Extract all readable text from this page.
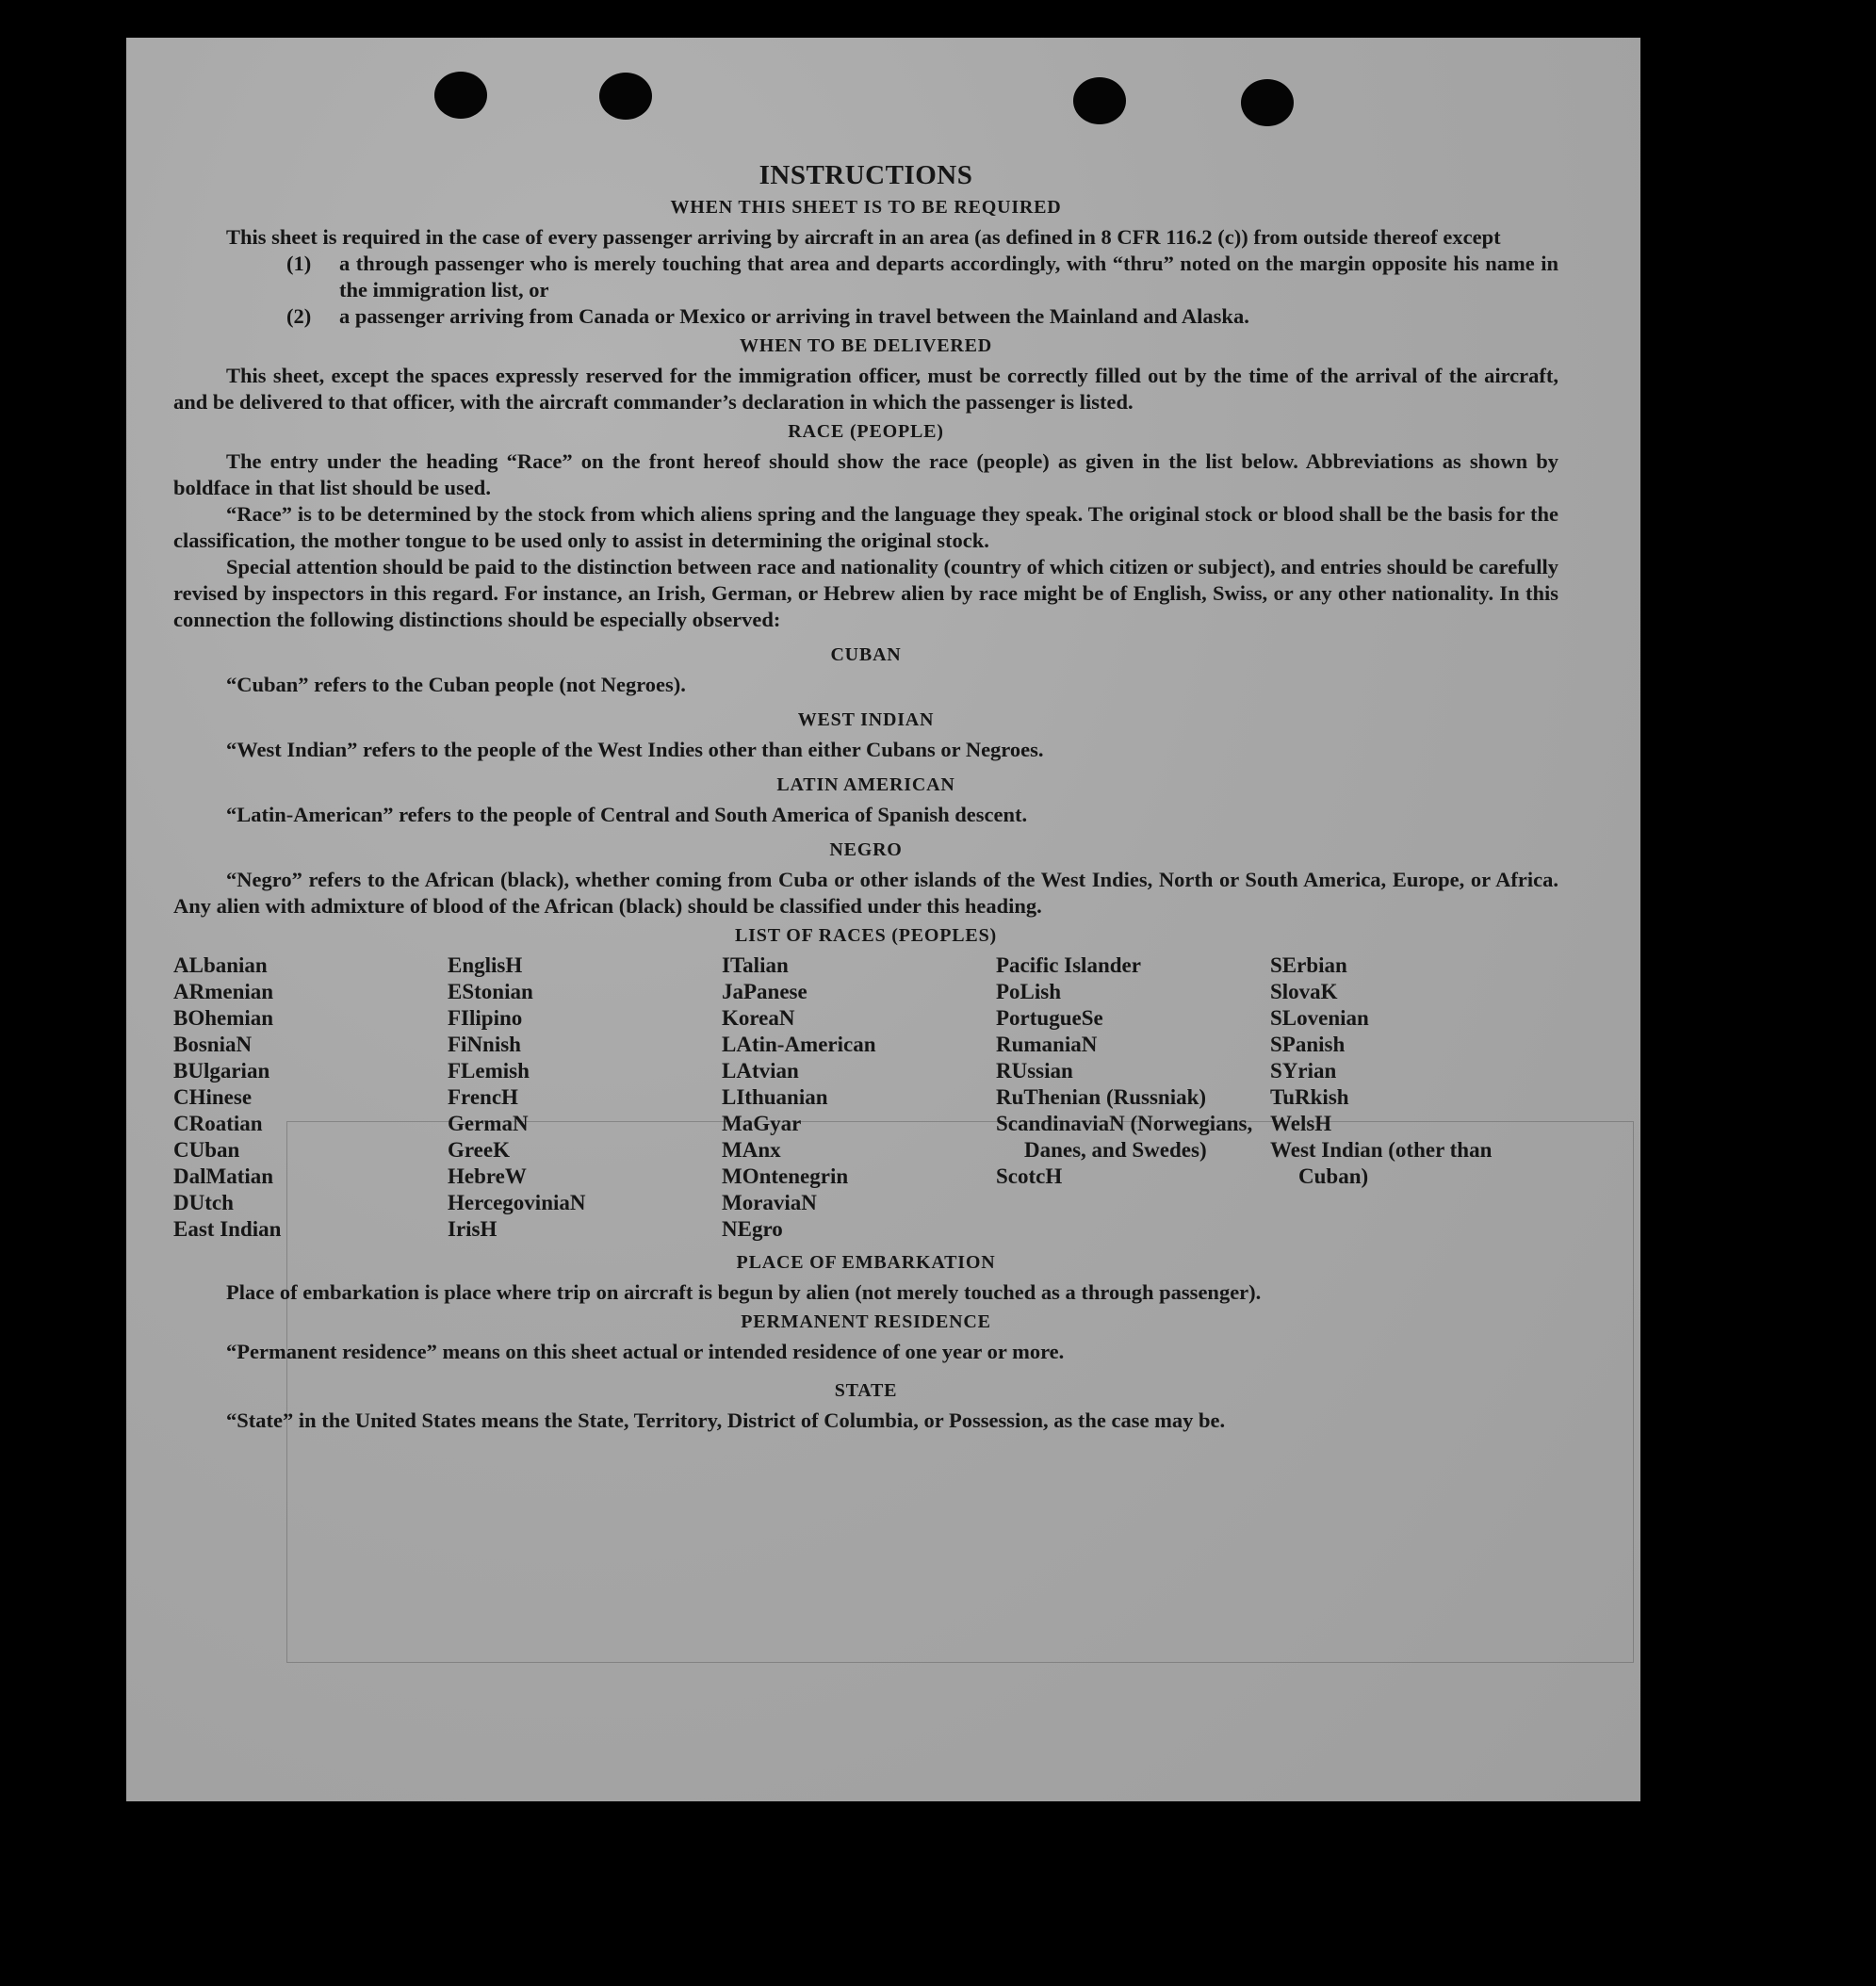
INSTRUCTIONS
WHEN THIS SHEET IS TO BE REQUIRED

This sheet is required in the case of every passenger arriving by aircraft in an area (as defined in 8 CFR 116.2 (c)) from outside thereof except

(1)	a through passenger who is merely touching that area and departs accordingly, with “thru” noted on the margin opposite his name in the immigration list, or
(2)	a passenger arriving from Canada or Mexico or arriving in travel between the Mainland and Alaska.
WHEN TO BE DELIVERED

This sheet, except the spaces expressly reserved for the immigration officer, must be correctly filled out by the time of the arrival of the aircraft, and be delivered to that officer, with the aircraft commander’s declaration in which the passenger is listed.

RACE (PEOPLE)

The entry under the heading “Race” on the front hereof should show the race (people) as given in the list below. Abbreviations as shown by boldface in that list should be used.

“Race” is to be determined by the stock from which aliens spring and the language they speak. The original stock or blood shall be the basis for the classification, the mother tongue to be used only to assist in determining the original stock.

Special attention should be paid to the distinction between race and nationality (country of which citizen or subject), and entries should be carefully revised by inspectors in this regard. For instance, an Irish, German, or Hebrew alien by race might be of English, Swiss, or any other nationality. In this connection the following distinctions should be especially observed:

CUBAN

“Cuban” refers to the Cuban people (not Negroes).

WEST INDIAN

“West Indian” refers to the people of the West Indies other than either Cubans or Negroes.

LATIN AMERICAN

“Latin-American” refers to the people of Central and South America of Spanish descent.

NEGRO

“Negro” refers to the African (black), whether coming from Cuba or other islands of the West Indies, North or South America, Europe, or Africa. Any alien with admixture of blood of the African (black) should be classified under this heading.

LIST OF RACES (PEOPLES)
ALbanian
ARmenian
BOhemian
BosniaN
BUlgarian
CHinese
CRoatian
CUban
DalMatian
DUtch
East Indian
EnglisH
EStonian
FIlipino
FiNnish
FLemish
FrencH
GermaN
GreeK
HebreW
HercegoviniaN
IrisH
ITalian
JaPanese
KoreaN
LAtin-American
LAtvian
LIthuanian
MaGyar
MAnx
MOntenegrin
MoraviaN
NEgro
Pacific Islander
PoLish
PortugueSe
RumaniaN
RUssian
RuThenian (Russniak)
ScandinaviaN (Norwegians, Danes, and Swedes)
ScotcH
SErbian
SlovaK
SLovenian
SPanish
SYrian
TuRkish
WelsH
West Indian (other than Cuban)
PLACE OF EMBARKATION

Place of embarkation is place where trip on aircraft is begun by alien (not merely touched as a through passenger).

PERMANENT RESIDENCE

“Permanent residence” means on this sheet actual or intended residence of one year or more.

STATE

“State” in the United States means the State, Territory, District of Columbia, or Possession, as the case may be.
